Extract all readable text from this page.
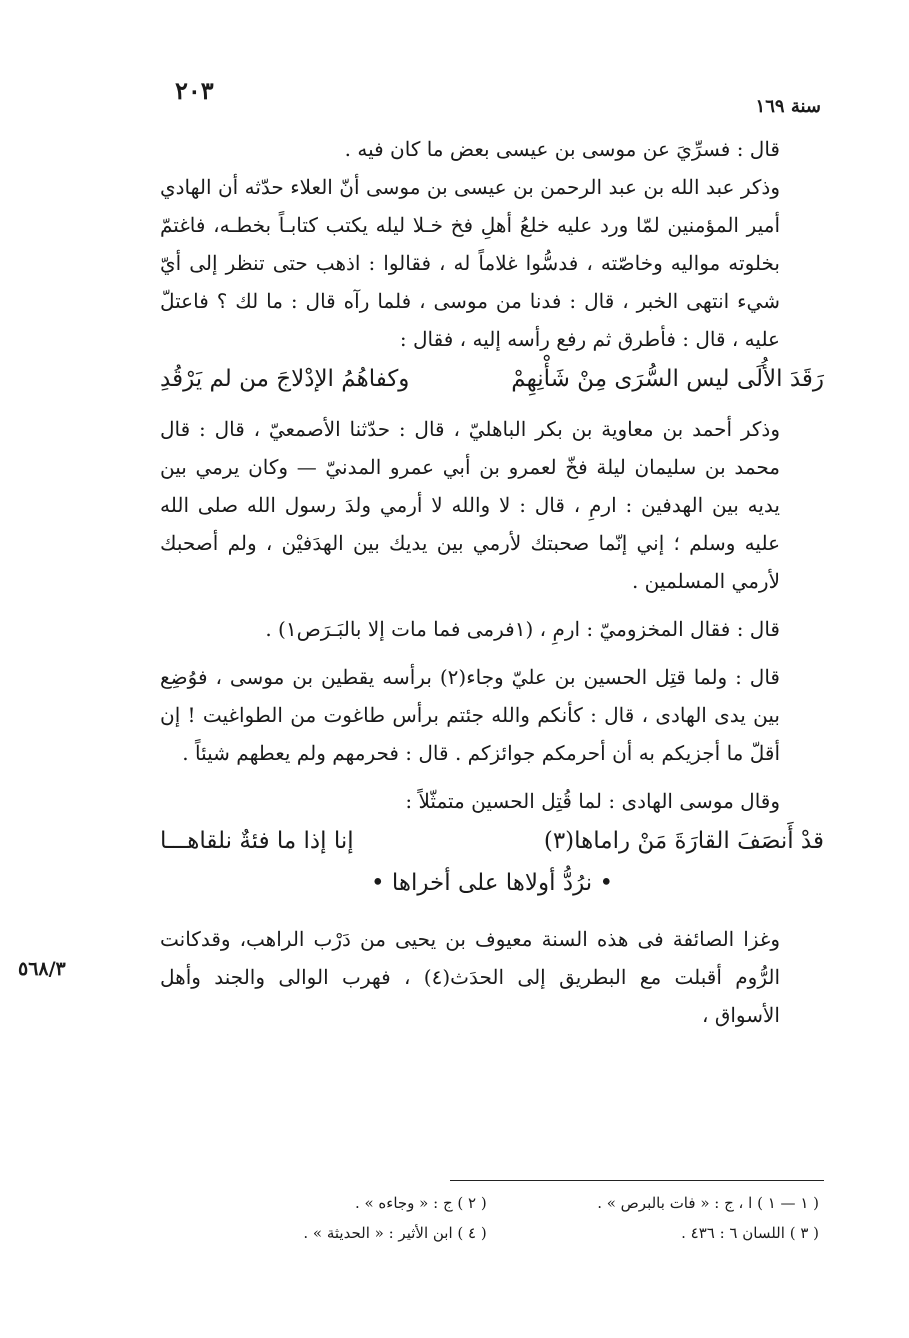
٢٠٣
سنة ١٦٩

قال : فسرِّيَ عن موسى بن عيسى بعض ما كان فيه .

وذكر عبد الله بن عبد الرحمن بن عيسى بن موسى أنّ العلاء حدّثه أن الهادي أمير المؤمنين لمّا ورد عليه خلعُ أهلِ فخ خـلا ليله يكتب كتابـاً بخطـه، فاغتمّ بخلوته مواليه وخاصّته ، فدسُّوا غلاماً له ، فقالوا : اذهب حتى تنظر إلى أيّ شيء انتهى الخبر ، قال : فدنا من موسى ، فلما رآه قال : ما لك ؟ فاعتلّ عليه ، قال : فأطرق ثم رفع رأسه إليه ، فقال :

رَقَدَ الأُلَى ليس السُّرَى مِنْ شَأْنِهِمْ
وكفاهُمُ الإدْلاجَ من لم يَرْقُدِ

وذكر أحمد بن معاوية بن بكر الباهليّ ، قال : حدّثنا الأصمعيّ ، قال : قال محمد بن سليمان ليلة فخّ لعمرو بن أبي عمرو المدنيّ — وكان يرمي بين يديه بين الهدفين : ارمِ ، قال : لا والله لا أرمي ولدَ رسول الله صلى الله عليه وسلم ؛ إني إنّما صحبتك لأرمي بين يديك بين الهدَفيْن ، ولم أصحبك لأرمي المسلمين .

قال : فقال المخزوميّ : ارمِ ، (١فرمى فما مات إلا بالبَـرَص١) .

قال : ولما قتِل الحسين بن عليّ وجاء(٢) برأسه يقطين بن موسى ، فوُضِع بين يدى الهادى ، قال : كأنكم والله جئتم برأس طاغوت من الطواغيت ! إن أقلّ ما أجزيكم به أن أحرمكم جوائزكم . قال : فحرمهم ولم يعطهم شيئاً .

وقال موسى الهادى : لما قُتِل الحسين متمثّلاً :

قدْ أَنصَفَ القارَةَ مَنْ راماها(٣)
إنا إذا ما فئةٌ نلقاهـــا
• نرُدُّ أولاها على أخراها •

وغزا الصائفة فى هذه السنة معيوف بن يحيى من دَرْب الراهب، وقدكانت الرُّوم أقبلت مع البطريق إلى الحدَث(٤) ، فهرب الوالى والجند وأهل الأسواق ،

٥٦٨/٣
( ١ — ١ ) ا ، ج : « فات بالبرص » .
( ٢ ) ج : « وجاءه » .
( ٣ ) اللسان ٦ : ٤٣٦ .
( ٤ ) ابن الأثير : « الحديثة » .
